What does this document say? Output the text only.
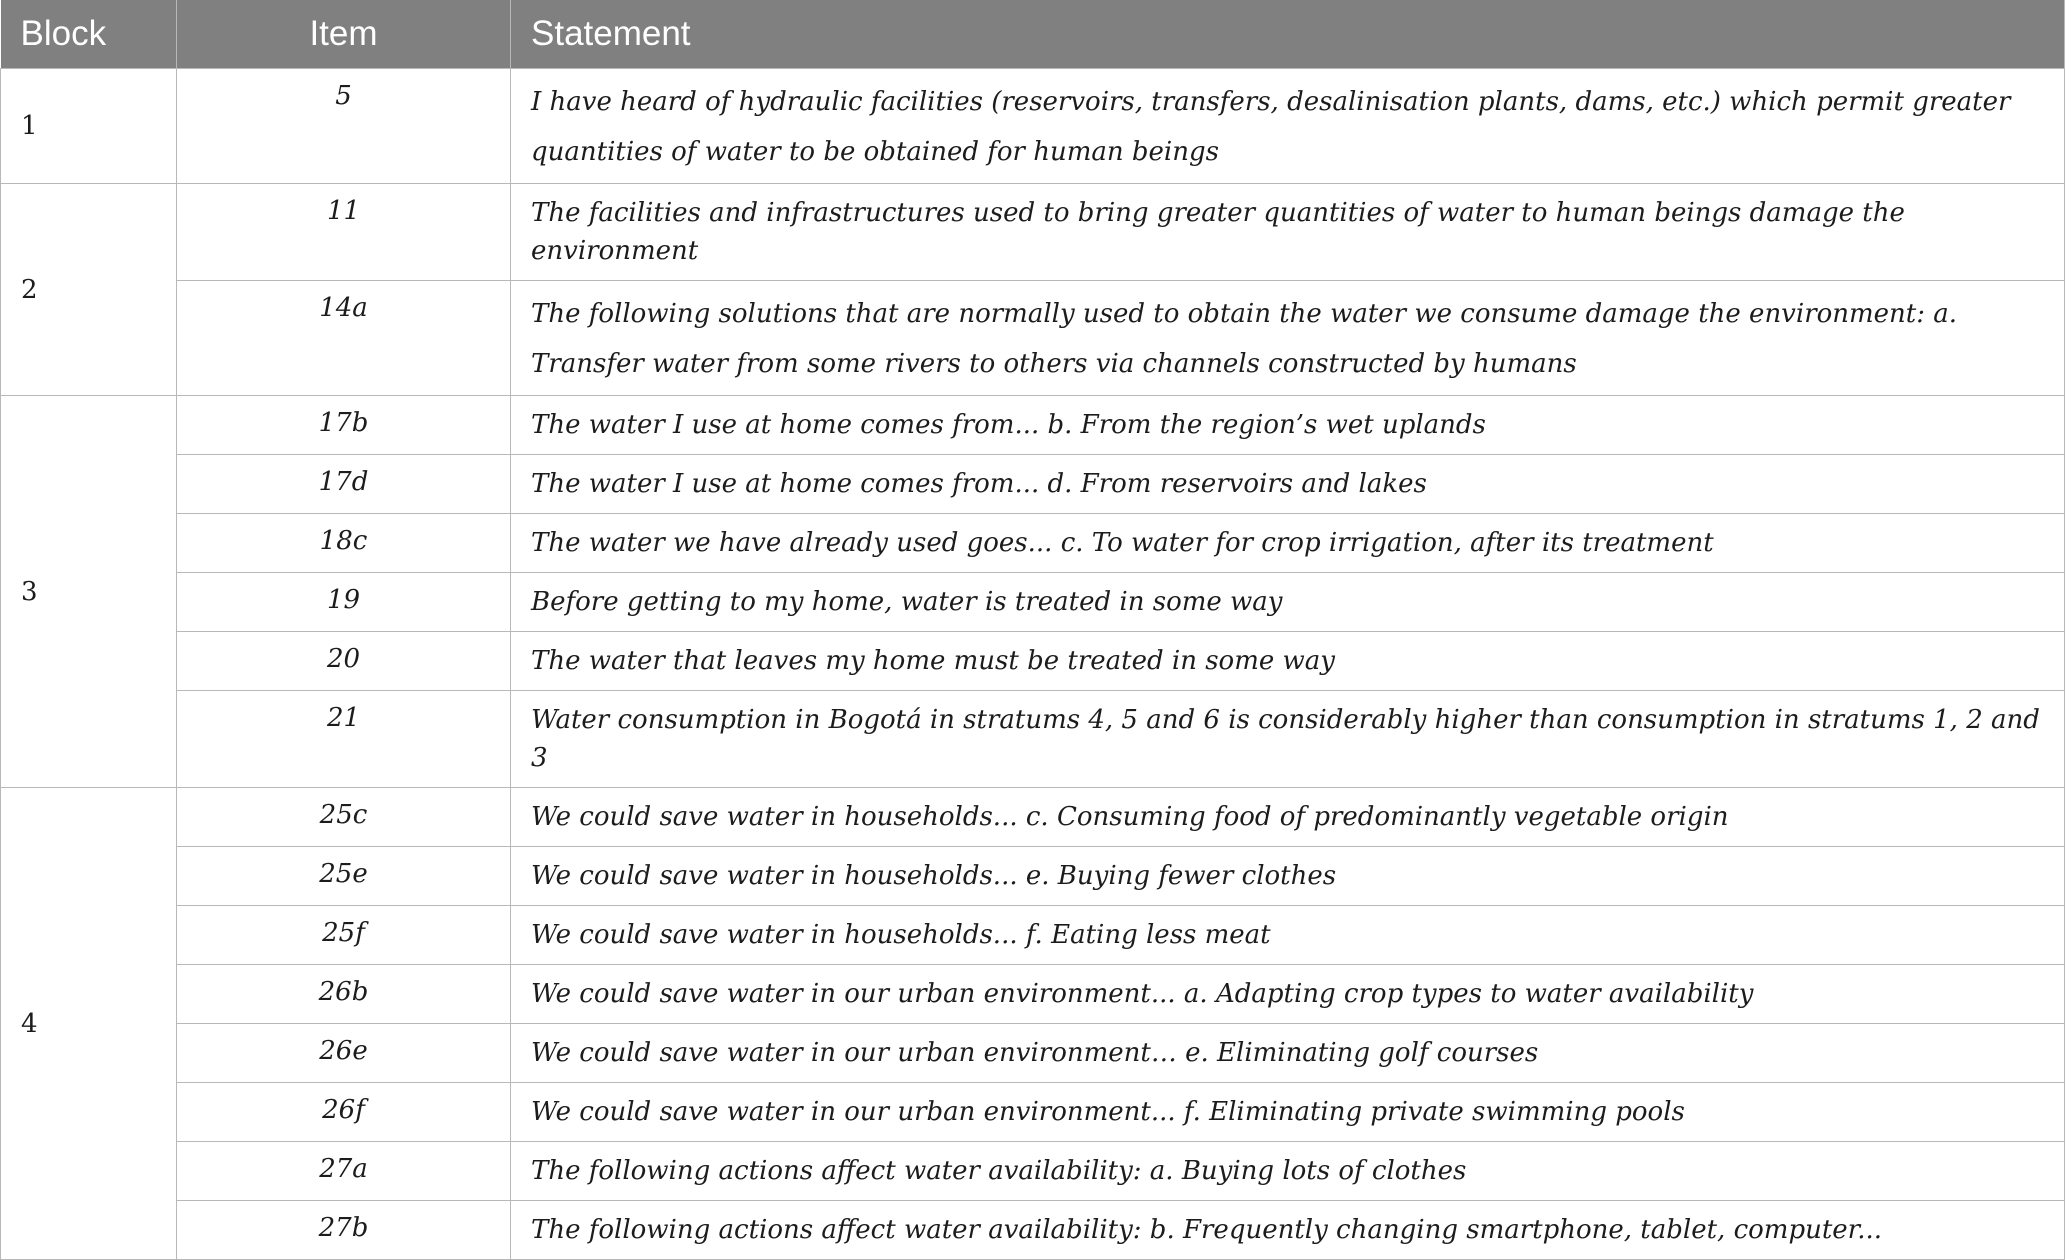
Block	Item	Statement
1	5	I have heard of hydraulic facilities (reservoirs, transfers, desalinisation plants, dams, etc.) which permit greater quantities of water to be obtained for human beings
2	11	The facilities and infrastructures used to bring greater quantities of water to human beings damage the environment
	14a	The following solutions that are normally used to obtain the water we consume damage the environment: a. Transfer water from some rivers to others via channels constructed by humans
3	17b	The water I use at home comes from... b. From the region’s wet uplands
	17d	The water I use at home comes from... d. From reservoirs and lakes
	18c	The water we have already used goes... c. To water for crop irrigation, after its treatment
	19	Before getting to my home, water is treated in some way
	20	The water that leaves my home must be treated in some way
	21	Water consumption in Bogotá in stratums 4, 5 and 6 is considerably higher than consumption in stratums 1, 2 and 3
4	25c	We could save water in households... c. Consuming food of predominantly vegetable origin
	25e	We could save water in households... e. Buying fewer clothes
	25f	We could save water in households... f. Eating less meat
	26b	We could save water in our urban environment... a. Adapting crop types to water availability
	26e	We could save water in our urban environment… e. Eliminating golf courses
	26f	We could save water in our urban environment... f. Eliminating private swimming pools
	27a	The following actions affect water availability: a. Buying lots of clothes
	27b	The following actions affect water availability: b. Frequently changing smartphone, tablet, computer...
